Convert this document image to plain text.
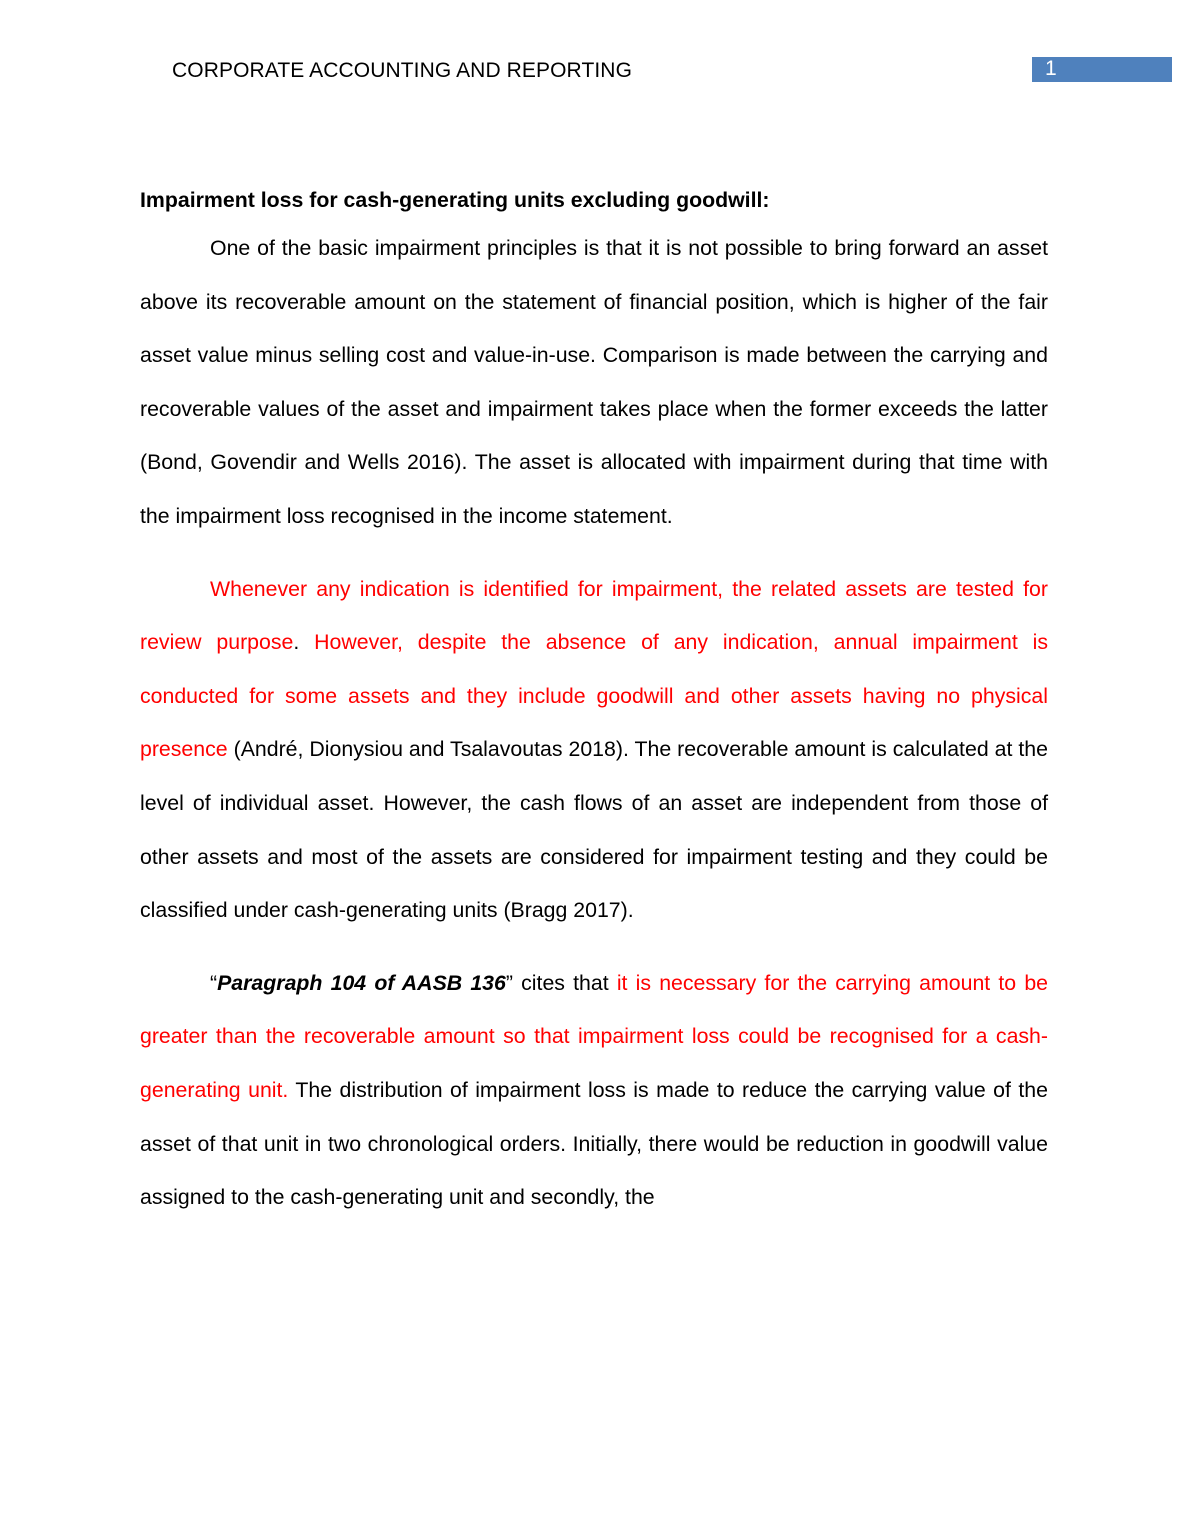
CORPORATE ACCOUNTING AND REPORTING	1

Impairment loss for cash-generating units excluding goodwill:

One of the basic impairment principles is that it is not possible to bring forward an asset above its recoverable amount on the statement of financial position, which is higher of the fair asset value minus selling cost and value-in-use. Comparison is made between the carrying and recoverable values of the asset and impairment takes place when the former exceeds the latter (Bond, Govendir and Wells 2016). The asset is allocated with impairment during that time with the impairment loss recognised in the income statement.

Whenever any indication is identified for impairment, the related assets are tested for review purpose. However, despite the absence of any indication, annual impairment is conducted for some assets and they include goodwill and other assets having no physical presence (André, Dionysiou and Tsalavoutas 2018). The recoverable amount is calculated at the level of individual asset. However, the cash flows of an asset are independent from those of other assets and most of the assets are considered for impairment testing and they could be classified under cash-generating units (Bragg 2017).

“Paragraph 104 of AASB 136” cites that it is necessary for the carrying amount to be greater than the recoverable amount so that impairment loss could be recognised for a cash-generating unit. The distribution of impairment loss is made to reduce the carrying value of the asset of that unit in two chronological orders. Initially, there would be reduction in goodwill value assigned to the cash-generating unit and secondly, the
